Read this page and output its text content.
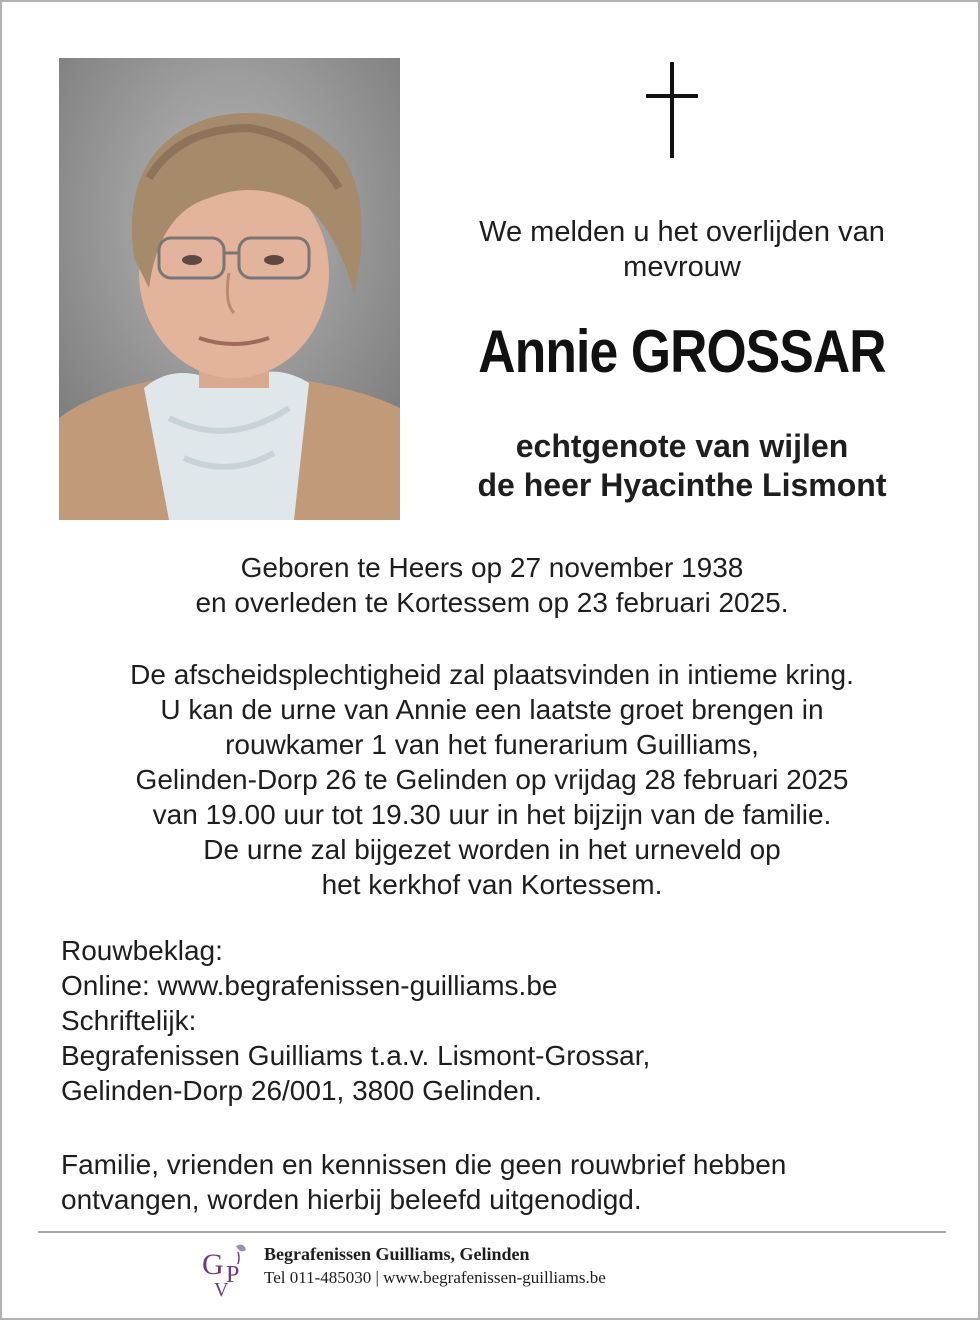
We melden u het overlijden van
mevrouw
Annie GROSSAR
echtgenote van wijlen
de heer Hyacinthe Lismont
Geboren te Heers op 27 november 1938
en overleden te Kortessem op 23 februari 2025.
De afscheidsplechtigheid zal plaatsvinden in intieme kring.
U kan de urne van Annie een laatste groet brengen in
rouwkamer 1 van het funerarium Guilliams,
Gelinden-Dorp 26 te Gelinden op vrijdag 28 februari 2025
van 19.00 uur tot 19.30 uur in het bijzijn van de familie.
De urne zal bijgezet worden in het urneveld op
het kerkhof van Kortessem.
Rouwbeklag:
Online: www.begrafenissen-guilliams.be
Schriftelijk:
Begrafenissen Guilliams t.a.v. Lismont-Grossar,
Gelinden-Dorp 26/001, 3800 Gelinden.
Familie, vrienden en kennissen die geen rouwbrief hebben
ontvangen, worden hierbij beleefd uitgenodigd.
G P
V
Begrafenissen Guilliams, Gelinden
Tel 011-485030 | www.begrafenissen-guilliams.be
